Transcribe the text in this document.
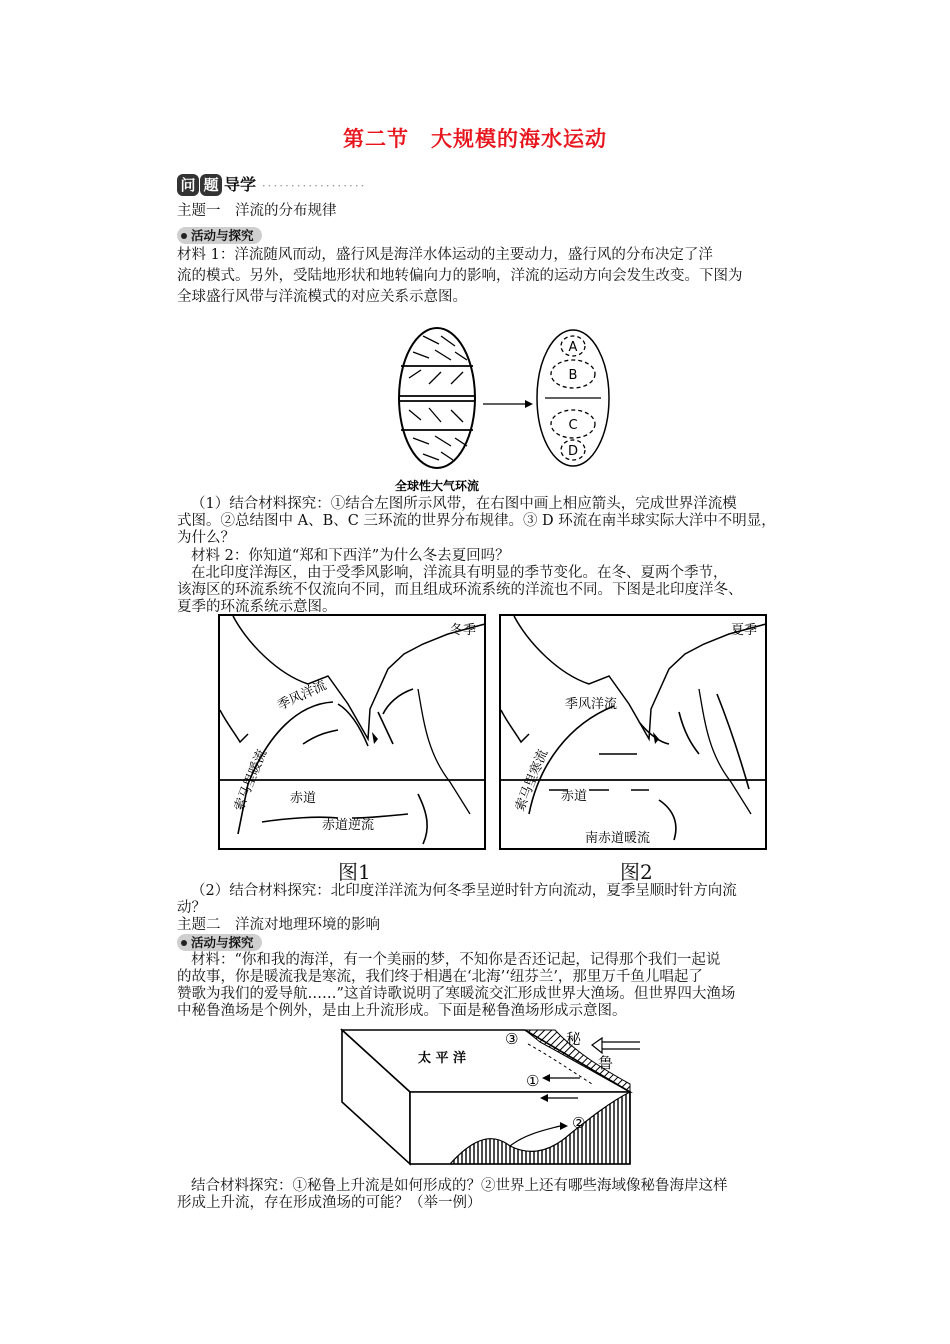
第二节　大规模的海水运动
问 题 导学 ··················
主题一　洋流的分布规律
活动与探究
材料 1：洋流随风而动，盛行风是海洋水体运动的主要动力，盛行风的分布决定了洋
流的模式。另外，受陆地形状和地转偏向力的影响，洋流的运动方向会发生改变。下图为
全球盛行风带与洋流模式的对应关系示意图。
A
B
C
D
全球性大气环流
（1）结合材料探究：①结合左图所示风带，在右图中画上相应箭头，完成世界洋流模
式图。②总结图中 A、B、C 三环流的世界分布规律。③ D 环流在南半球实际大洋中不明显，
为什么？
材料 2：你知道“郑和下西洋”为什么冬去夏回吗？
在北印度洋海区，由于受季风影响，洋流具有明显的季节变化。在冬、夏两个季节，
该海区的环流系统不仅流向不同，而且组成环流系统的洋流也不同。下图是北印度洋冬、
夏季的环流系统示意图。
冬季
季风洋流
索马里暖流 赤道
赤道逆流
夏季
季风洋流
索马里寒流 赤道
南赤道暖流
图1	图2
（2）结合材料探究：北印度洋洋流为何冬季呈逆时针方向流动，夏季呈顺时针方向流
动？
主题二　洋流对地理环境的影响
活动与探究
材料：“你和我的海洋，有一个美丽的梦，不知你是否还记起，记得那个我们一起说
的故事，你是暖流我是寒流，我们终于相遇在‘北海’‘纽芬兰’，那里万千鱼儿唱起了
赞歌为我们的爱导航……”这首诗歌说明了寒暖流交汇形成世界大渔场。但世界四大渔场
中秘鲁渔场是个例外，是由上升流形成。下面是秘鲁渔场形成示意图。
太 平 洋
①
②
③	秘
鲁
结合材料探究：①秘鲁上升流是如何形成的？②世界上还有哪些海域像秘鲁海岸这样
形成上升流，存在形成渔场的可能？（举一例）
